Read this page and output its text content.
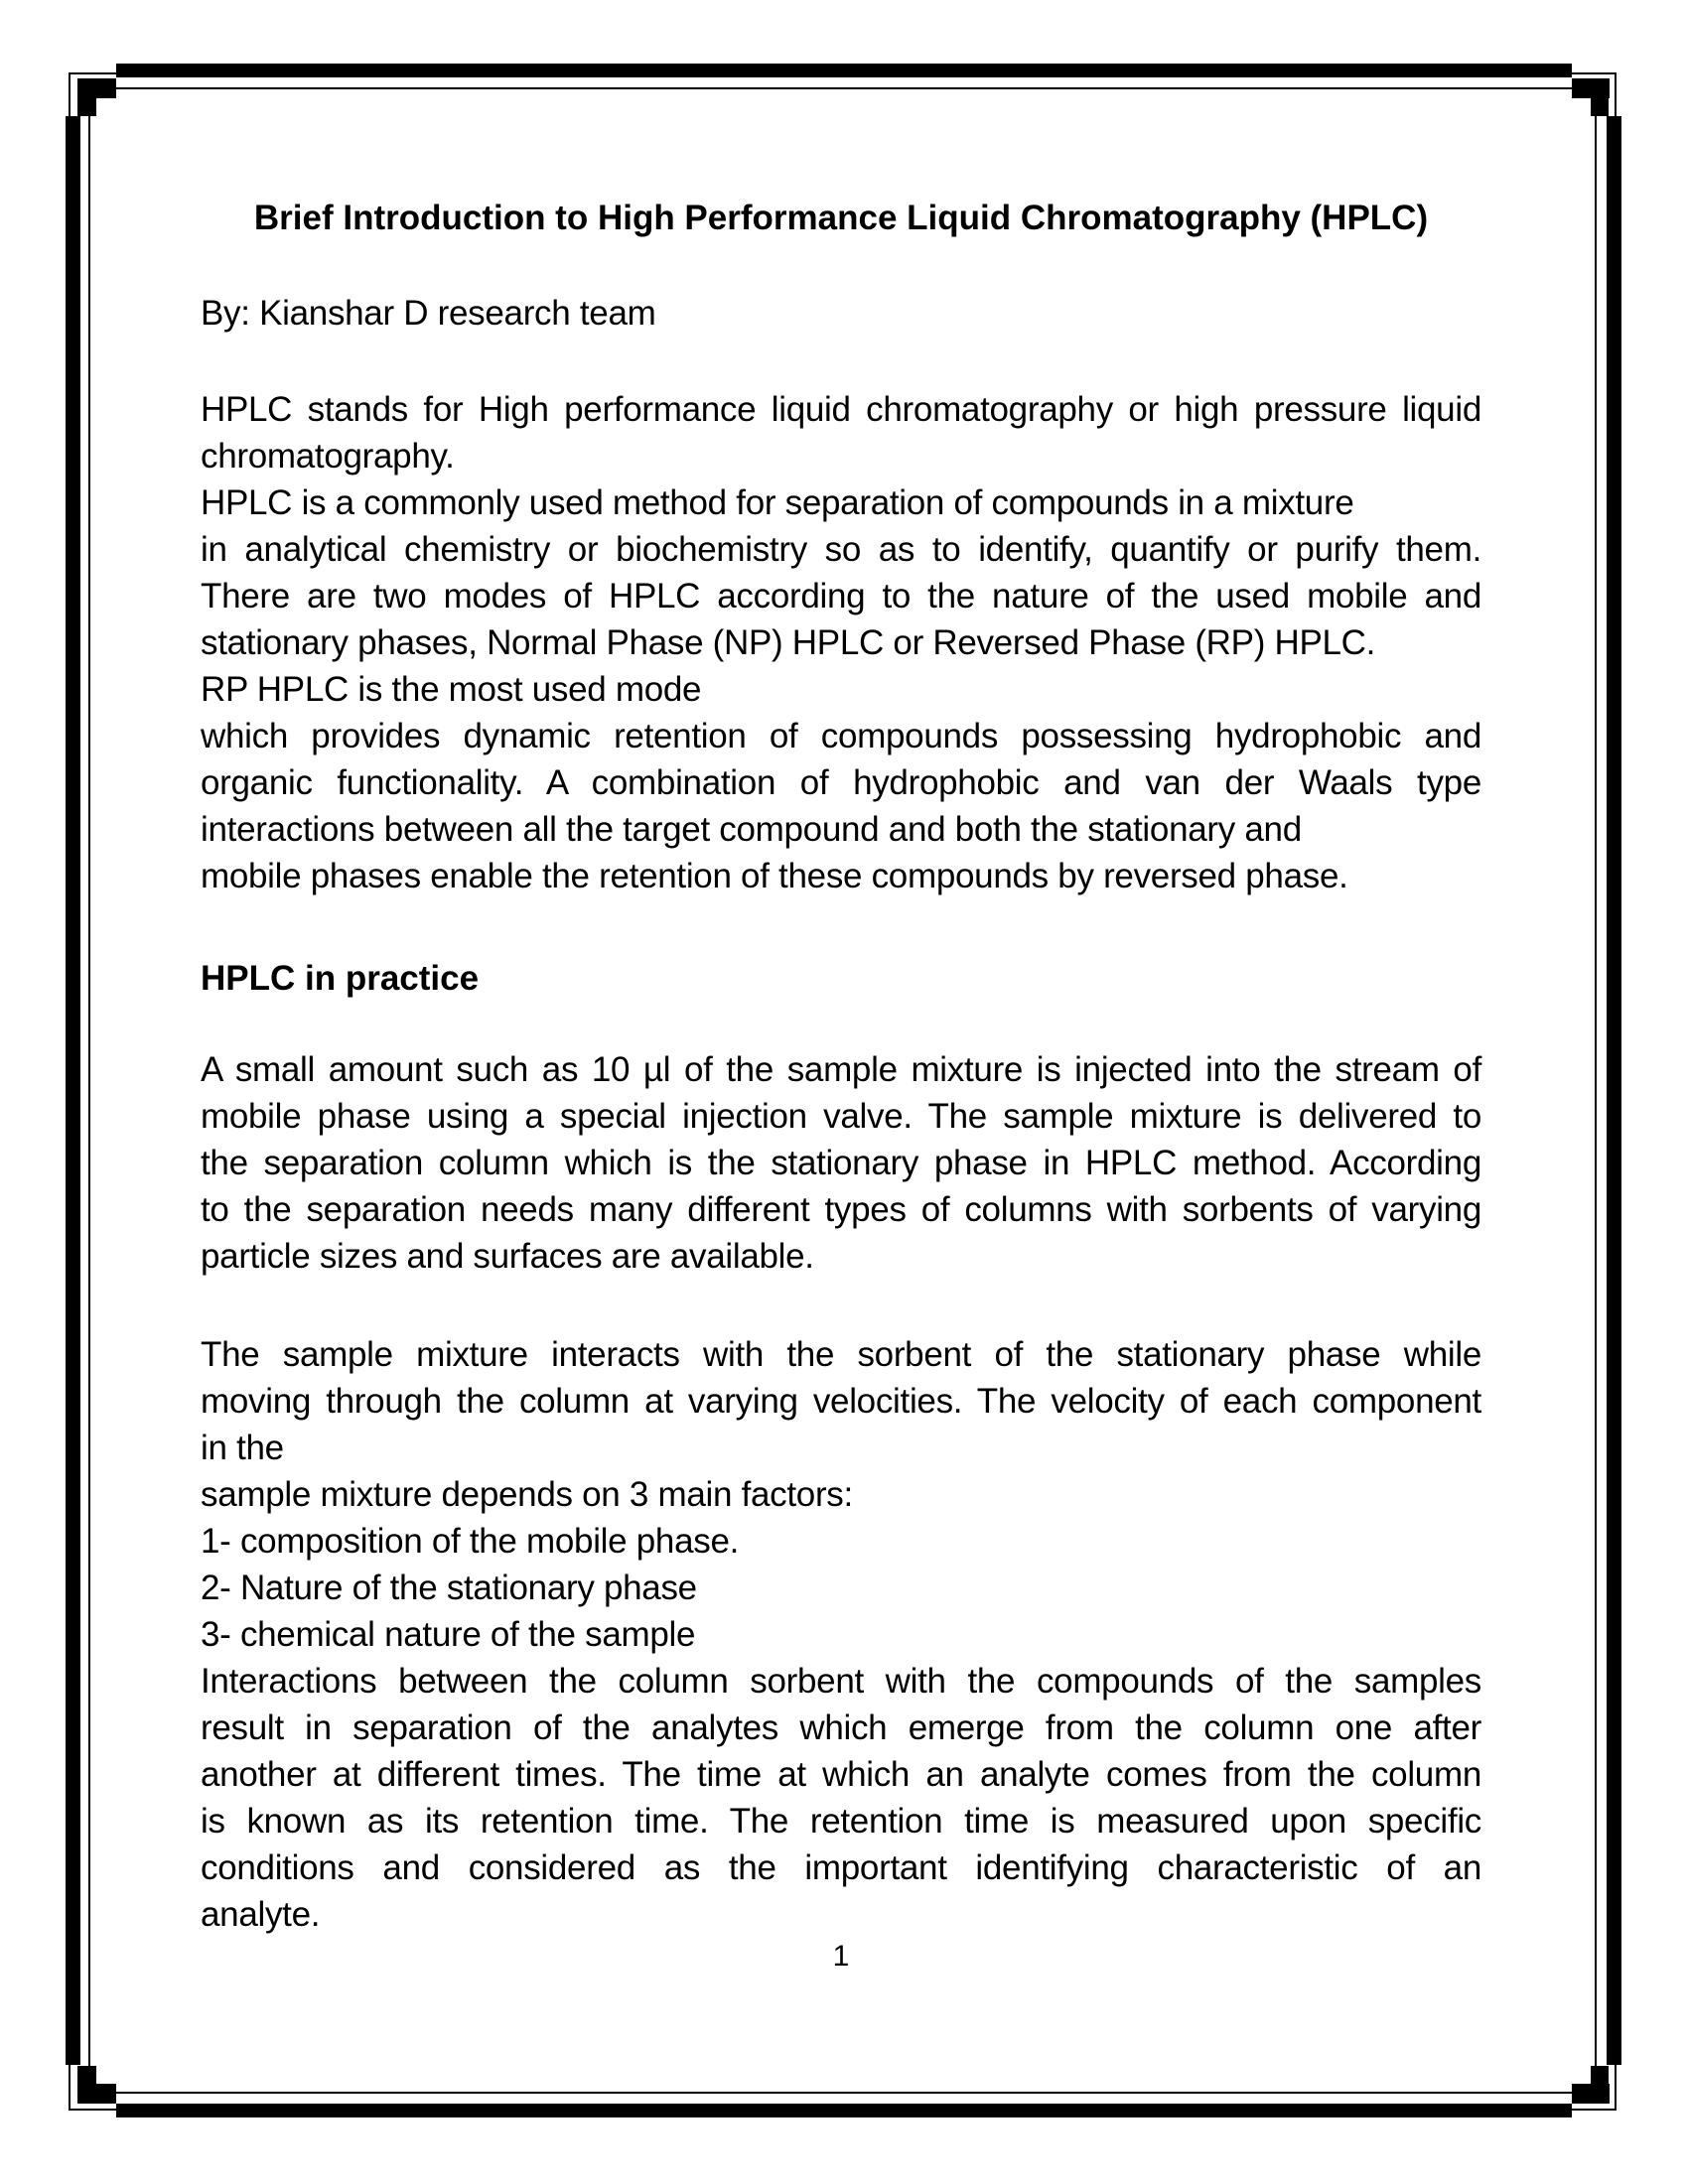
Brief Introduction to High Performance Liquid Chromatography (HPLC)
By: Kianshar D research team
HPLC stands for High performance liquid chromatography or high pressure liquid
chromatography.
HPLC is a commonly used method for separation of compounds in a mixture
in analytical chemistry or biochemistry so as to identify, quantify or purify them.
There are two modes of HPLC according to the nature of the used mobile and
stationary phases, Normal Phase (NP) HPLC or Reversed Phase (RP) HPLC.
RP HPLC is the most used mode
which provides dynamic retention of compounds possessing hydrophobic and
organic functionality. A combination of hydrophobic and van der Waals type
interactions between all the target compound and both the stationary and
mobile phases enable the retention of these compounds by reversed phase.
HPLC in practice
A small amount such as 10 µl of the sample mixture is injected into the stream of
mobile phase using a special injection valve. The sample mixture is delivered to
the separation column which is the stationary phase in HPLC method. According
to the separation needs many different types of columns with sorbents of varying
particle sizes and surfaces are available.
The sample mixture interacts with the sorbent of the stationary phase while
moving through the column at varying velocities. The velocity of each component
in the
sample mixture depends on 3 main factors:
1- composition of the mobile phase.
2- Nature of the stationary phase
3- chemical nature of the sample
Interactions between the column sorbent with the compounds of the samples
result in separation of the analytes which emerge from the column one after
another at different times. The time at which an analyte comes from the column
is known as its retention time. The retention time is measured upon specific
conditions and considered as the important identifying characteristic of an
analyte.
1
